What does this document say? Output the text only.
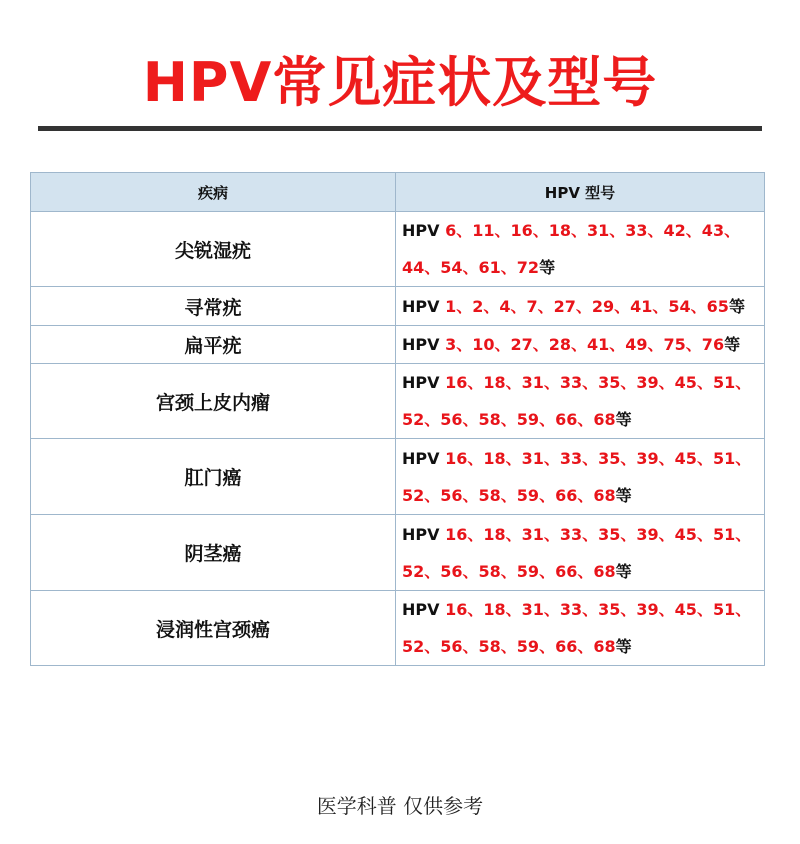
HPV常见症状及型号
疾病	HPV 型号
尖锐湿疣	HPV 6、11、16、18、31、33、42、43、44、54、61、72等
寻常疣	HPV 1、2、4、7、27、29、41、54、65等
扁平疣	HPV 3、10、27、28、41、49、75、76等
宫颈上皮内瘤	HPV 16、18、31、33、35、39、45、51、52、56、58、59、66、68等
肛门癌	HPV 16、18、31、33、35、39、45、51、52、56、58、59、66、68等
阴茎癌	HPV 16、18、31、33、35、39、45、51、52、56、58、59、66、68等
浸润性宫颈癌	HPV 16、18、31、33、35、39、45、51、52、56、58、59、66、68等
医学科普 仅供参考
